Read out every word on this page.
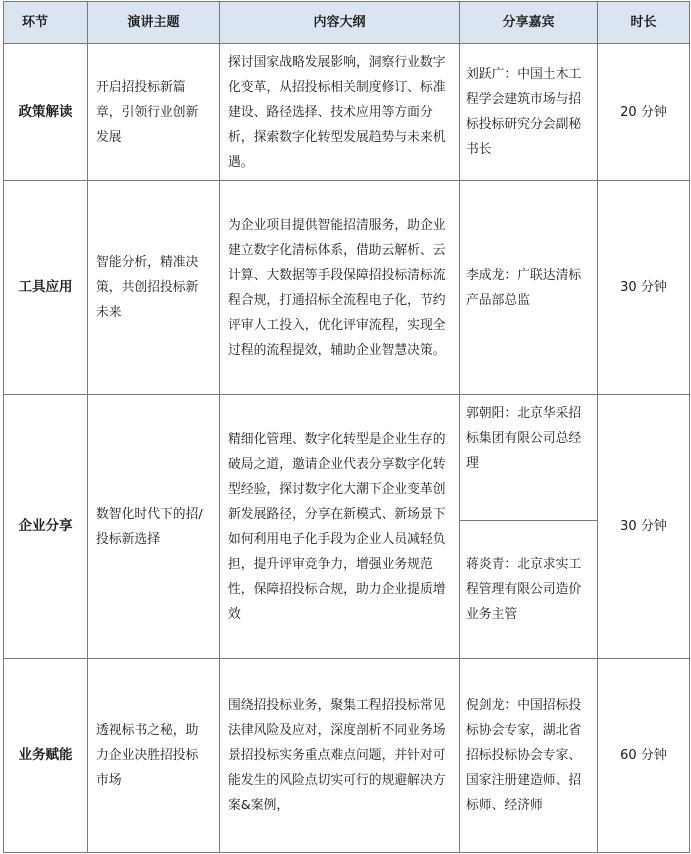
环节	演讲主题	内容大纲	分享嘉宾	时长
政策解读	开启招投标新篇章，引领行业创新发展	探讨国家战略发展影响，洞察行业数字化变革，从招投标相关制度修订、标准建设、路径选择、技术应用等方面分析，探索数字化转型发展趋势与未来机遇。	刘跃广：中国土木工程学会建筑市场与招标投标研究分会副秘书长	20 分钟
工具应用	智能分析，精准决策，共创招投标新未来	为企业项目提供智能招清服务，助企业建立数字化清标体系，借助云解析、云计算、大数据等手段保障招投标清标流程合规，打通招标全流程电子化，节约评审人工投入，优化评审流程，实现全过程的流程提效，辅助企业智慧决策。	李成龙：广联达清标产品部总监	30 分钟
企业分享	数智化时代下的招/投标新选择	精细化管理、数字化转型是企业生存的破局之道，邀请企业代表分享数字化转型经验，探讨数字化大潮下企业变革创新发展路径，分享在新模式、新场景下如何利用电子化手段为企业人员减轻负担，提升评审竞争力，增强业务规范性，保障招投标合规，助力企业提质增效	郭朝阳：北京华采招标集团有限公司总经理	30 分钟
			蒋炎青：北京求实工程管理有限公司造价业务主管	
业务赋能	透视标书之秘，助力企业决胜招投标市场	围绕招投标业务，聚集工程招投标常见法律风险及应对，深度剖析不同业务场景招投标实务重点难点问题，并针对可能发生的风险点切实可行的规避解决方案&案例，	倪剑龙：中国招标投标协会专家，湖北省招标投标协会专家、国家注册建造师、招标师、经济师	60 分钟
